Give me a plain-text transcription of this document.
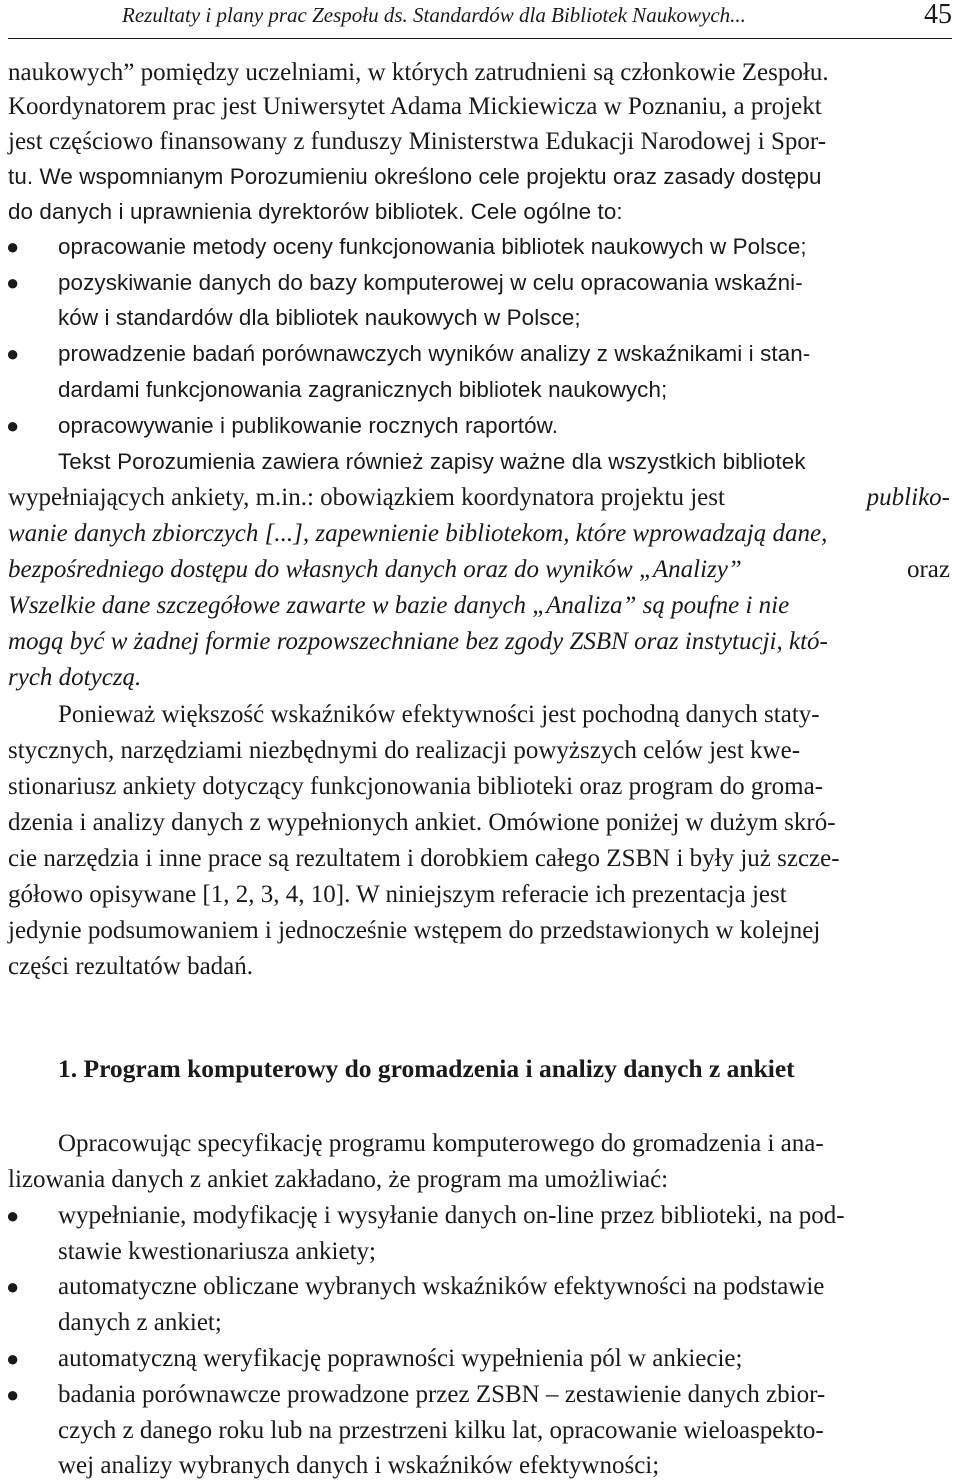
Rezultaty i plany prac Zespołu ds. Standardów dla Bibliotek Naukowych...	45
naukowych” pomiędzy uczelniami, w których zatrudnieni są członkowie Zespołu.
Koordynatorem prac jest Uniwersytet Adama Mickiewicza w Poznaniu, a projekt
jest częściowo finansowany z funduszy Ministerstwa Edukacji Narodowej i Spor-
tu. We wspomnianym Porozumieniu określono cele projektu oraz zasady dostępu
do danych i uprawnienia dyrektorów bibliotek. Cele ogólne to:
● opracowanie metody oceny funkcjonowania bibliotek naukowych w Polsce;
● pozyskiwanie danych do bazy komputerowej w celu opracowania wskaźni-
ków i standardów dla bibliotek naukowych w Polsce;
● prowadzenie badań porównawczych wyników analizy z wskaźnikami i stan-
dardami funkcjonowania zagranicznych bibliotek naukowych;
● opracowywanie i publikowanie rocznych raportów.
Tekst Porozumienia zawiera również zapisy ważne dla wszystkich bibliotek
wypełniających ankiety, m.in.: obowiązkiem koordynatora projektu jest	publiko-
wanie danych zbiorczych [...], zapewnienie bibliotekom, które wprowadzają dane,
bezpośredniego dostępu do własnych danych oraz do wyników „Analizy”	oraz
Wszelkie dane szczegółowe zawarte w bazie danych „Analiza” są poufne i nie
mogą być w żadnej formie rozpowszechniane bez zgody ZSBN oraz instytucji, któ-
rych dotyczą.
Ponieważ większość wskaźników efektywności jest pochodną danych staty-
stycznych, narzędziami niezbędnymi do realizacji powyższych celów jest kwe-
stionariusz ankiety dotyczący funkcjonowania biblioteki oraz program do groma-
dzenia i analizy danych z wypełnionych ankiet. Omówione poniżej w dużym skró-
cie narzędzia i inne prace są rezultatem i dorobkiem całego ZSBN i były już szcze-
gółowo opisywane [1, 2, 3, 4, 10]. W niniejszym referacie ich prezentacja jest
jedynie podsumowaniem i jednocześnie wstępem do przedstawionych w kolejnej
części rezultatów badań.
1. Program komputerowy do gromadzenia i analizy danych z ankiet
Opracowując specyfikację programu komputerowego do gromadzenia i ana-
lizowania danych z ankiet zakładano, że program ma umożliwiać:
● wypełnianie, modyfikację i wysyłanie danych on-line przez biblioteki, na pod-
stawie kwestionariusza ankiety;
● automatyczne obliczane wybranych wskaźników efektywności na podstawie
danych z ankiet;
● automatyczną weryfikację poprawności wypełnienia pól w ankiecie;
● badania porównawcze prowadzone przez ZSBN – zestawienie danych zbior-
czych z danego roku lub na przestrzeni kilku lat, opracowanie wieloaspekto-
wej analizy wybranych danych i wskaźników efektywności;
